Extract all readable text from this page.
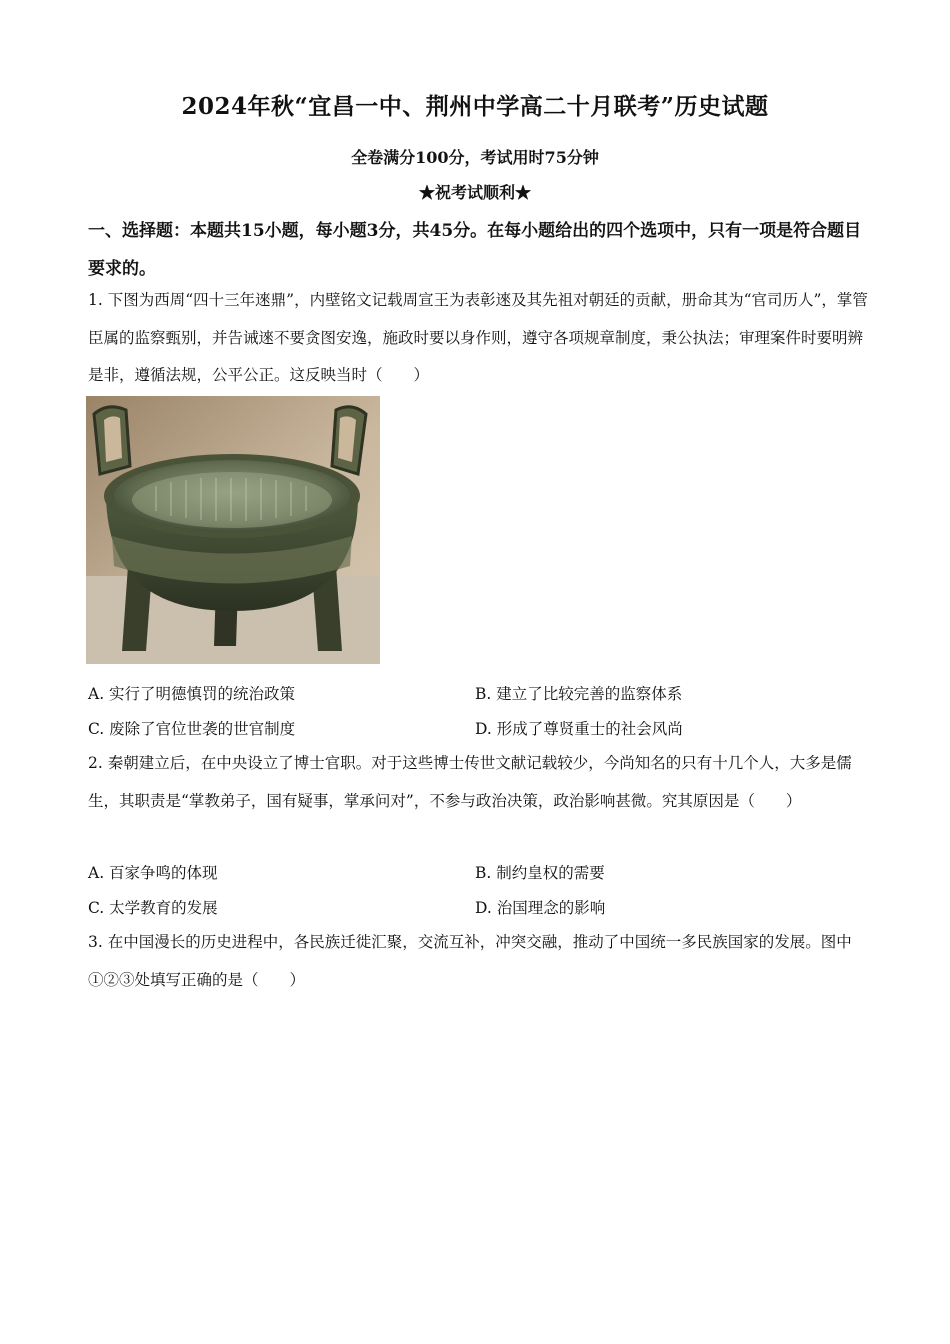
2024年秋“宜昌一中、荆州中学高二十月联考”历史试题
全卷满分100分，考试用时75分钟
★祝考试顺利★
一、选择题：本题共15小题，每小题3分，共45分。在每小题给出的四个选项中，只有一项是符合题目要求的。
1. 下图为西周“四十三年逨鼎”，内壁铭文记载周宣王为表彰逨及其先祖对朝廷的贡献，册命其为“官司历人”，掌管臣属的监察甄别，并告诫逨不要贪图安逸，施政时要以身作则，遵守各项规章制度，秉公执法；审理案件时要明辨是非，遵循法规，公平公正。这反映当时（　　）
A. 实行了明德慎罚的统治政策	B. 建立了比较完善的监察体系
C. 废除了官位世袭的世官制度	D. 形成了尊贤重士的社会风尚
2. 秦朝建立后，在中央设立了博士官职。对于这些博士传世文献记载较少，今尚知名的只有十几个人，大多是儒生，其职责是“掌教弟子，国有疑事，掌承问对”，不参与政治决策，政治影响甚微。究其原因是（　　）
A. 百家争鸣的体现	B. 制约皇权的需要
C. 太学教育的发展	D. 治国理念的影响
3. 在中国漫长的历史进程中，各民族迁徙汇聚，交流互补，冲突交融，推动了中国统一多民族国家的发展。图中①②③处填写正确的是（　　）
